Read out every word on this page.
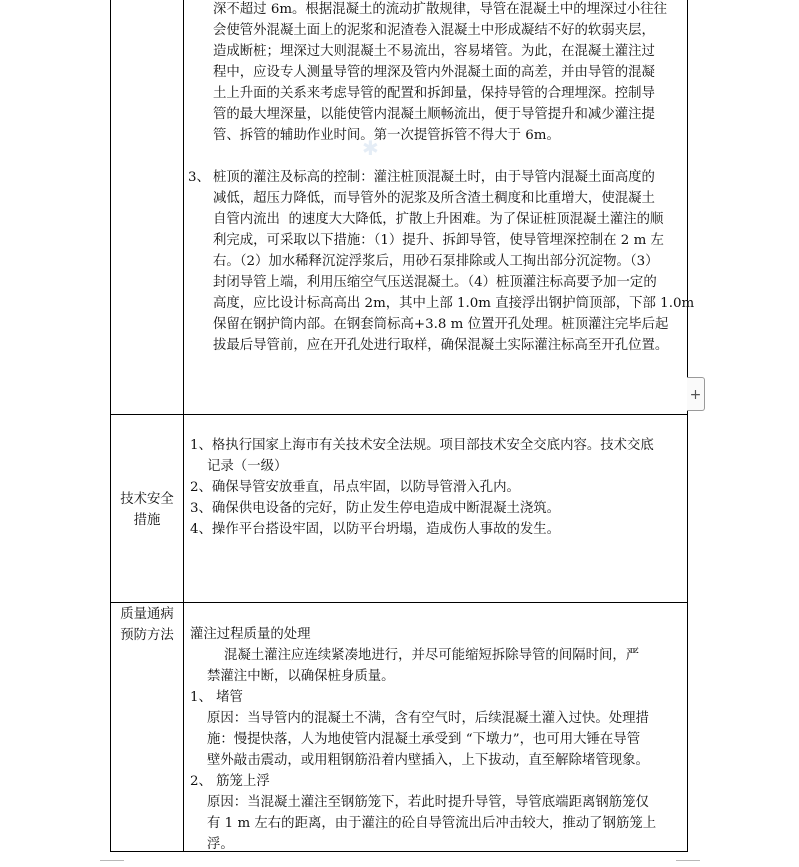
✱
深不超过 6m。根据混凝土的流动扩散规律，导管在混凝土中的埋深过小往往
会使管外混凝土面上的泥浆和泥渣卷入混凝土中形成凝结不好的软弱夹层，
造成断桩；埋深过大则混凝土不易流出，容易堵管。为此，在混凝土灌注过
程中，应设专人测量导管的埋深及管内外混凝土面的高差，并由导管的混凝
土上升面的关系来考虑导管的配置和拆卸量，保持导管的合理埋深。控制导
管的最大埋深量，以能使管内混凝土顺畅流出，便于导管提升和减少灌注提
管、拆管的辅助作业时间。第一次提管拆管不得大于 6m。
3、 桩顶的灌注及标高的控制：灌注桩顶混凝土时，由于导管内混凝土面高度的
减低，超压力降低，而导管外的泥浆及所含渣土稠度和比重增大，使混凝土
自管内流出  的速度大大降低，扩散上升困难。为了保证桩顶混凝土灌注的顺
利完成，可采取以下措施：（1）提升、拆卸导管，使导管埋深控制在 2 m 左
右。（2）加水稀释沉淀浮浆后，用砂石泵排除或人工掏出部分沉淀物。（3）
封闭导管上端，利用压缩空气压送混凝土。（4）桩顶灌注标高要予加一定的
高度，应比设计标高高出 2m，其中上部 1.0m 直接浮出钢护筒顶部，下部 1.0m
保留在钢护筒内部。在钢套筒标高+3.8 m 位置开孔处理。桩顶灌注完毕后起
拔最后导管前，应在开孔处进行取样，确保混凝土实际灌注标高至开孔位置。
技术安全
措施
1、格执行国家上海市有关技术安全法规。项目部技术安全交底内容。技术交底
记录（一级）
2、确保导管安放垂直，吊点牢固，以防导管滑入孔内。
3、确保供电设备的完好，防止发生停电造成中断混凝土浇筑。
4、操作平台搭设牢固，以防平台坍塌，造成伤人事故的发生。
质量通病
预防方法	灌注过程质量的处理
混凝土灌注应连续紧凑地进行，并尽可能缩短拆除导管的间隔时间，严
禁灌注中断，以确保桩身质量。
1、 堵管
原因：当导管内的混凝土不满，含有空气时，后续混凝土灌入过快。处理措
施：慢提快落，人为地使管内混凝土承受到 “下墩力”，也可用大锤在导管
壁外敲击震动，或用粗钢筋沿着内壁插入，上下拔动，直至解除堵管现象。
2、 筋笼上浮
原因：当混凝土灌注至钢筋笼下，若此时提升导管，导管底端距离钢筋笼仅
有 1 m 左右的距离，由于灌注的砼自导管流出后冲击较大，推动了钢筋笼上
浮。
+
